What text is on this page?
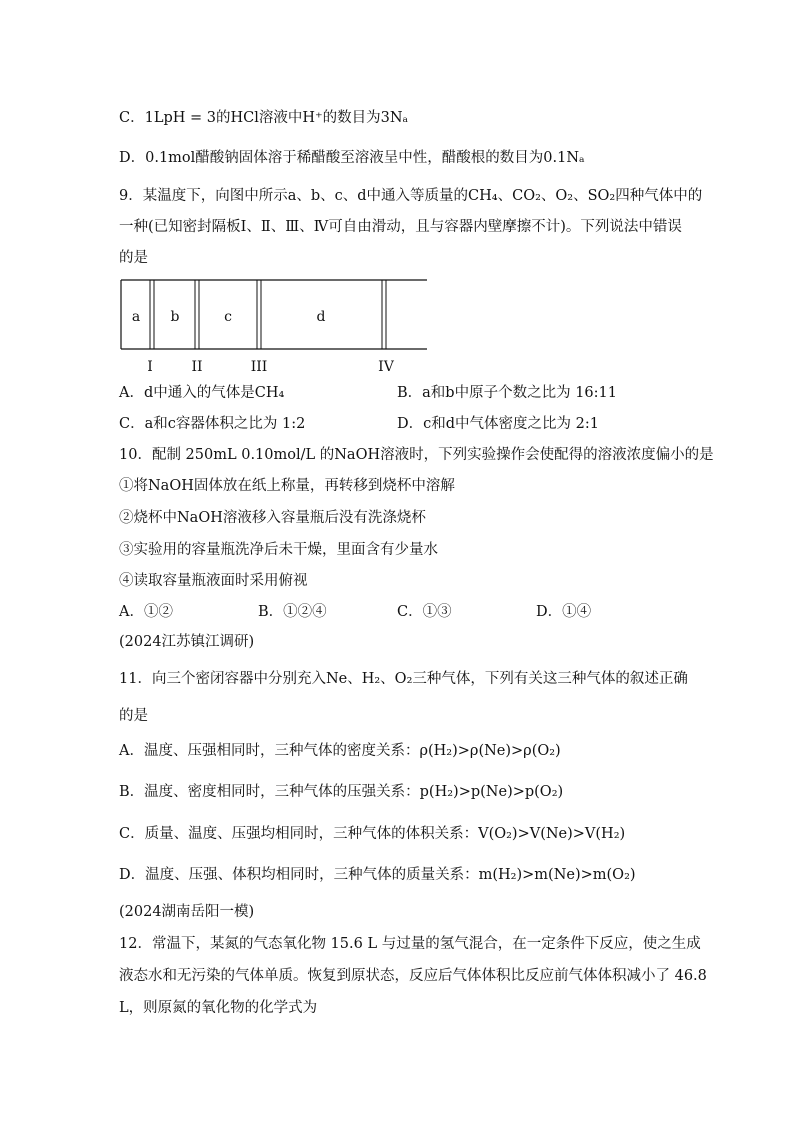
C．1LpH = 3的HCl溶液中H⁺的数目为3Nₐ
D．0.1mol醋酸钠固体溶于稀醋酸至溶液呈中性，醋酸根的数目为0.1Nₐ
9．某温度下，向图中所示a、b、c、d中通入等质量的CH₄、CO₂、O₂、SO₂四种气体中的
一种(已知密封隔板Ⅰ、Ⅱ、Ⅲ、Ⅳ可自由滑动，且与容器内壁摩擦不计)。下列说法中错误
的是
a b	c	d
I	II	III	IV
A．d中通入的气体是CH₄	B．a和b中原子个数之比为 16:11
C．a和c容器体积之比为 1:2	D．c和d中气体密度之比为 2:1
10．配制 250mL 0.10mol/L 的NaOH溶液时，下列实验操作会使配得的溶液浓度偏小的是
①将NaOH固体放在纸上称量，再转移到烧杯中溶解
②烧杯中NaOH溶液移入容量瓶后没有洗涤烧杯
③实验用的容量瓶洗净后未干燥，里面含有少量水
④读取容量瓶液面时采用俯视
A．①②	B．①②④	C．①③	D．①④
(2024江苏镇江调研)
11．向三个密闭容器中分别充入Ne、H₂、O₂三种气体，下列有关这三种气体的叙述正确
的是
A．温度、压强相同时，三种气体的密度关系：ρ(H₂)>ρ(Ne)>ρ(O₂)
B．温度、密度相同时，三种气体的压强关系：p(H₂)>p(Ne)>p(O₂)
C．质量、温度、压强均相同时，三种气体的体积关系：V(O₂)>V(Ne)>V(H₂)
D．温度、压强、体积均相同时，三种气体的质量关系：m(H₂)>m(Ne)>m(O₂)
(2024湖南岳阳一模)
12．常温下，某氮的气态氧化物 15.6 L 与过量的氢气混合，在一定条件下反应，使之生成
液态水和无污染的气体单质。恢复到原状态，反应后气体体积比反应前气体体积减小了 46.8
L，则原氮的氧化物的化学式为
